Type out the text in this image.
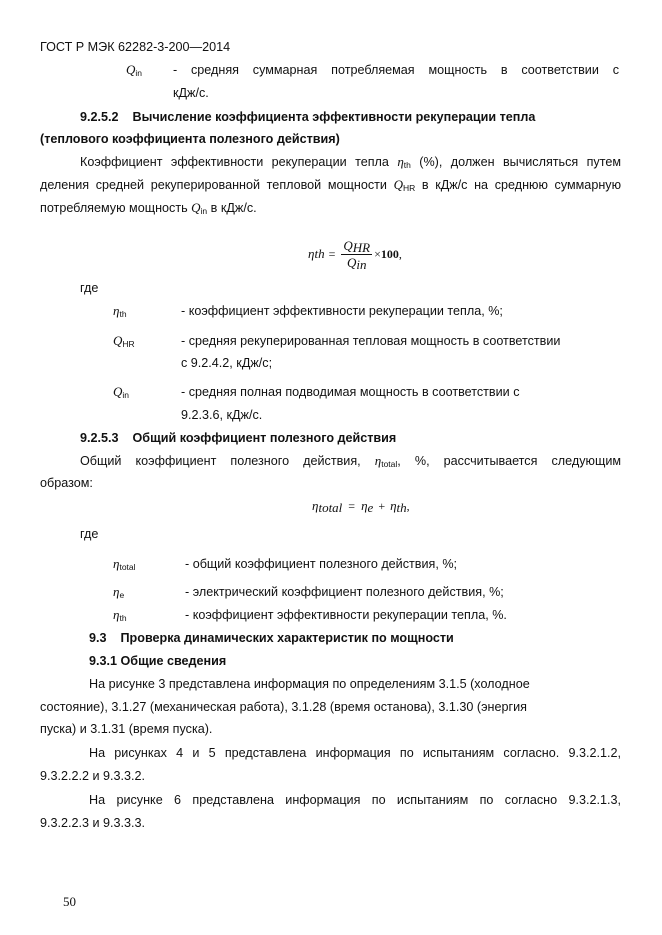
ГОСТ Р МЭК 62282-3-200—2014
$Q_{in}$ - средняя суммарная потребляемая мощность в соответствии с
кДж/с.
9.2.5.2    Вычисление коэффициента эффективности рекуперации тепла
(теплового коэффициента полезного действия)
Коэффициент эффективности рекуперации тепла $\eta_{th}$ (%), должен вычисляться путем
деления средней рекуперированной тепловой мощности $Q_{HR}$ в кДж/с на среднюю суммарную
потребляемую мощность $Q_{in}$ в кДж/с.
η th = $\frac{Q_{HR}}{Q_{in}} \times 100$ ,
где
$\eta_{th}$	- коэффициент эффективности рекуперации тепла, %;
$Q_{HR}$	- средняя рекуперированная тепловая мощность в соответствии
с 9.2.4.2, кДж/с;
$Q_{in}$	- средняя полная подводимая мощность в соответствии с
9.2.3.6, кДж/с.
9.2.5.3    Общий коэффициент полезного действия
Общий коэффициент полезного действия, $\eta_{total}$, %, рассчитывается следующим
образом:
$\eta_{total} = \eta_e + \eta_{th}$,
где
$\eta_{total}$	- общий коэффициент полезного действия, %;
$\eta_e$	- электрический коэффициент полезного действия, %;
$\eta_{th}$	- коэффициент эффективности рекуперации тепла, %.
9.3    Проверка динамических характеристик по мощности
9.3.1 Общие сведения
На рисунке 3 представлена информация по определениям 3.1.5 (холодное
состояние), 3.1.27 (механическая работа), 3.1.28 (время останова), 3.1.30 (энергия
пуска) и 3.1.31 (время пуска).
На рисунках 4 и 5 представлена информация по испытаниям согласно. 9.3.2.1.2,
9.3.2.2.2 и 9.3.3.2.
На рисунке 6 представлена информация по испытаниям по согласно 9.3.2.1.3,
9.3.2.2.3 и 9.3.3.3.
50
